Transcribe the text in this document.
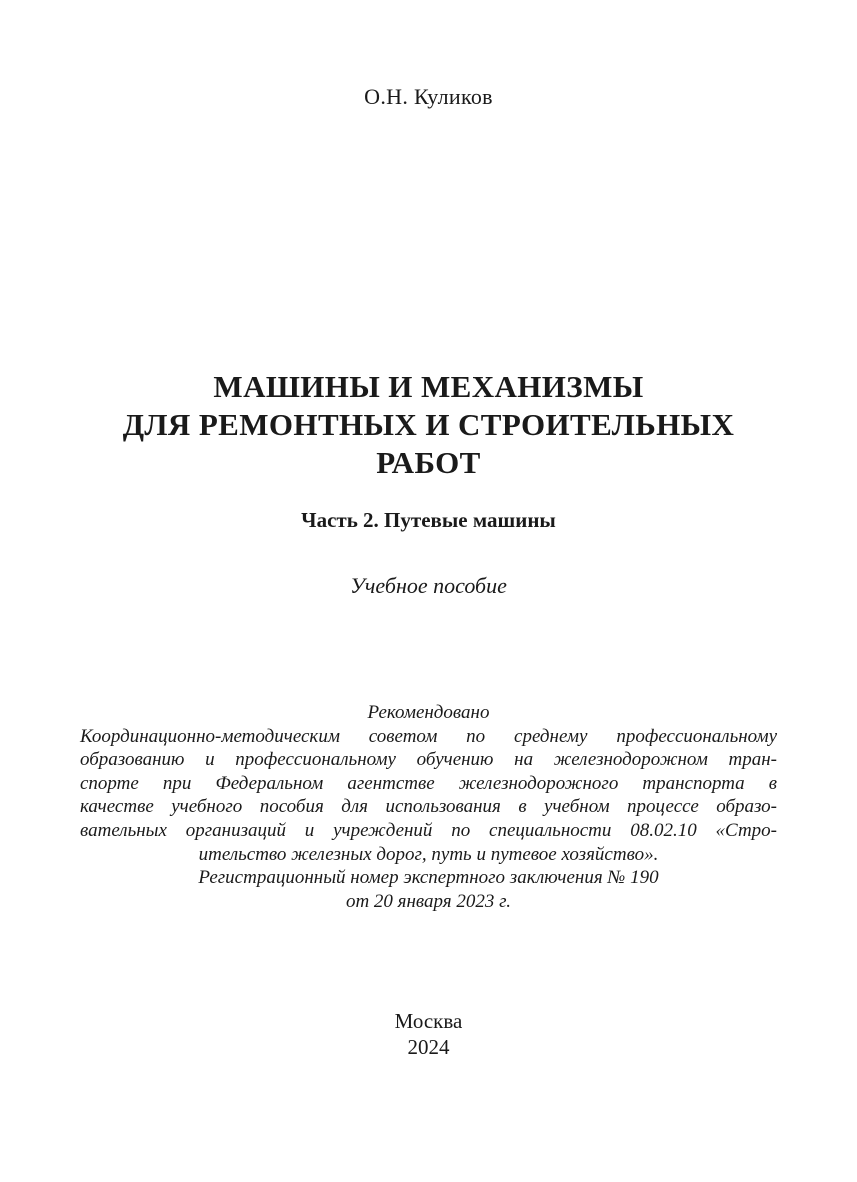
О.Н. Куликов
МАШИНЫ И МЕХАНИЗМЫ
ДЛЯ РЕМОНТНЫХ И СТРОИТЕЛЬНЫХ
РАБОТ
Часть 2. Путевые машины
Учебное пособие
Рекомендовано
Координационно-методическим советом по среднему профессиональному
образованию и профессиональному обучению на железнодорожном тран-
спорте при Федеральном агентстве железнодорожного транспорта в
качестве учебного пособия для использования в учебном процессе образо-
вательных организаций и учреждений по специальности 08.02.10 «Стро-
ительство железных дорог, путь и путевое хозяйство».
Регистрационный номер экспертного заключения № 190
от 20 января 2023 г.
Москва
2024
